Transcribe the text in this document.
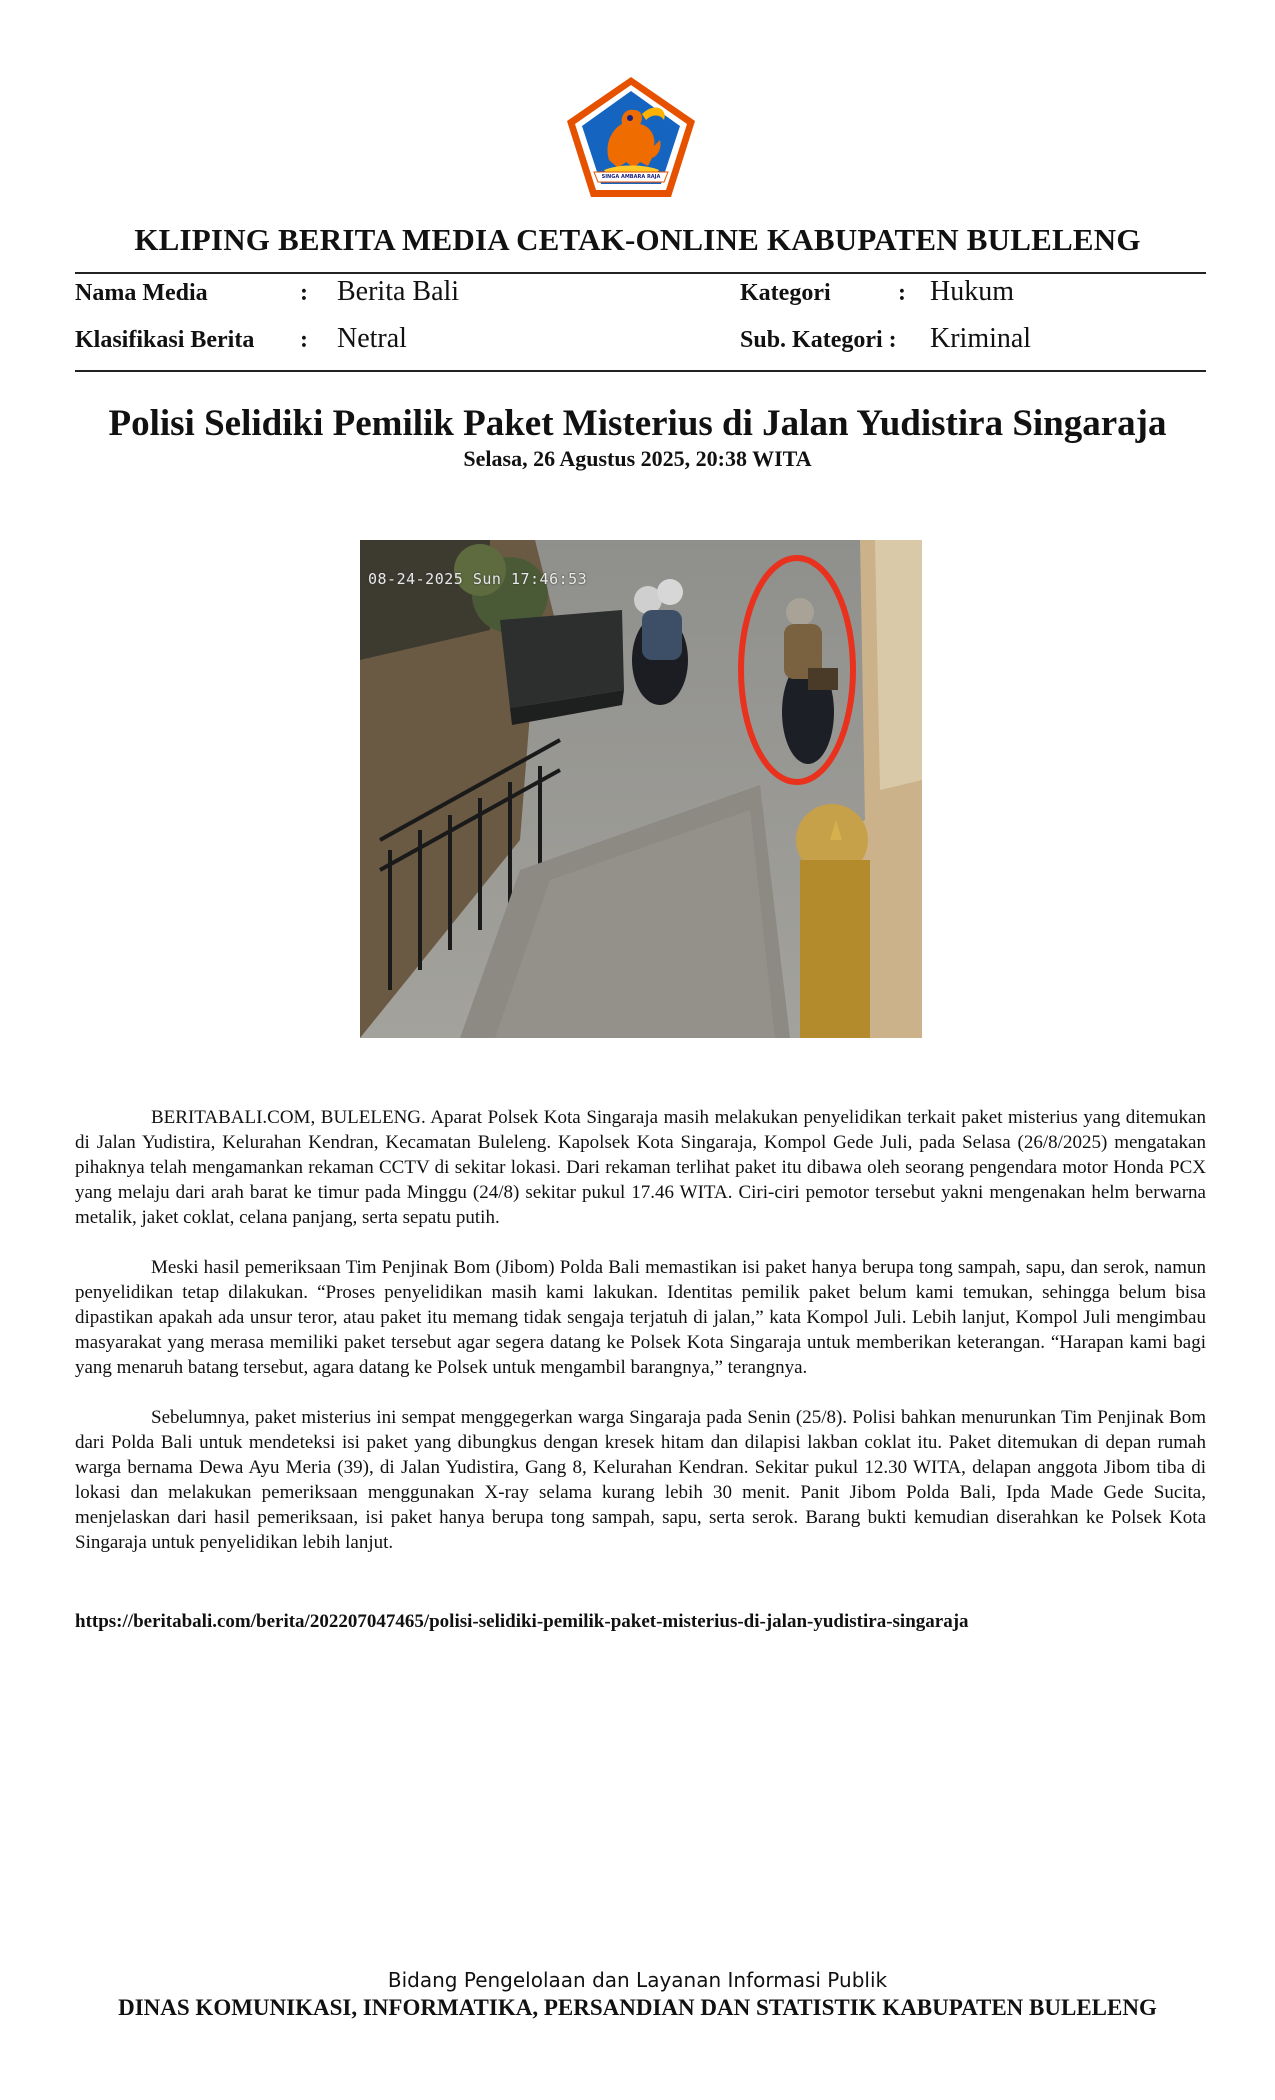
SINGA AMBARA RAJA
KLIPING BERITA MEDIA CETAK-ONLINE KABUPATEN BULELENG
Nama Media	: Berita Bali
Klasifikasi Berita : Netral
Kategori	: Hukum
Sub. Kategori : Kriminal
Polisi Selidiki Pemilik Paket Misterius di Jalan Yudistira Singaraja
Selasa, 26 Agustus 2025, 20:38 WITA
08-24-2025 Sun 17:46:53

BERITABALI.COM, BULELENG. Aparat Polsek Kota Singaraja masih melakukan penyelidikan terkait paket misterius yang ditemukan di Jalan Yudistira, Kelurahan Kendran, Kecamatan Buleleng. Kapolsek Kota Singaraja, Kompol Gede Juli, pada Selasa (26/8/2025) mengatakan pihaknya telah mengamankan rekaman CCTV di sekitar lokasi. Dari rekaman terlihat paket itu dibawa oleh seorang pengendara motor Honda PCX yang melaju dari arah barat ke timur pada Minggu (24/8) sekitar pukul 17.46 WITA. Ciri-ciri pemotor tersebut yakni mengenakan helm berwarna metalik, jaket coklat, celana panjang, serta sepatu putih.

Meski hasil pemeriksaan Tim Penjinak Bom (Jibom) Polda Bali memastikan isi paket hanya berupa tong sampah, sapu, dan serok, namun penyelidikan tetap dilakukan. “Proses penyelidikan masih kami lakukan. Identitas pemilik paket belum kami temukan, sehingga belum bisa dipastikan apakah ada unsur teror, atau paket itu memang tidak sengaja terjatuh di jalan,” kata Kompol Juli. Lebih lanjut, Kompol Juli mengimbau masyarakat yang merasa memiliki paket tersebut agar segera datang ke Polsek Kota Singaraja untuk memberikan keterangan. “Harapan kami bagi yang menaruh batang tersebut, agara datang ke Polsek untuk mengambil barangnya,” terangnya.

Sebelumnya, paket misterius ini sempat menggegerkan warga Singaraja pada Senin (25/8). Polisi bahkan menurunkan Tim Penjinak Bom dari Polda Bali untuk mendeteksi isi paket yang dibungkus dengan kresek hitam dan dilapisi lakban coklat itu. Paket ditemukan di depan rumah warga bernama Dewa Ayu Meria (39), di Jalan Yudistira, Gang 8, Kelurahan Kendran. Sekitar pukul 12.30 WITA, delapan anggota Jibom tiba di lokasi dan melakukan pemeriksaan menggunakan X-ray selama kurang lebih 30 menit. Panit Jibom Polda Bali, Ipda Made Gede Sucita, menjelaskan dari hasil pemeriksaan, isi paket hanya berupa tong sampah, sapu, serta serok. Barang bukti kemudian diserahkan ke Polsek Kota Singaraja untuk penyelidikan lebih lanjut.

https://beritabali.com/berita/202207047465/polisi-selidiki-pemilik-paket-misterius-di-jalan-yudistira-singaraja
Bidang Pengelolaan dan Layanan Informasi Publik
DINAS KOMUNIKASI, INFORMATIKA, PERSANDIAN DAN STATISTIK KABUPATEN BULELENG
